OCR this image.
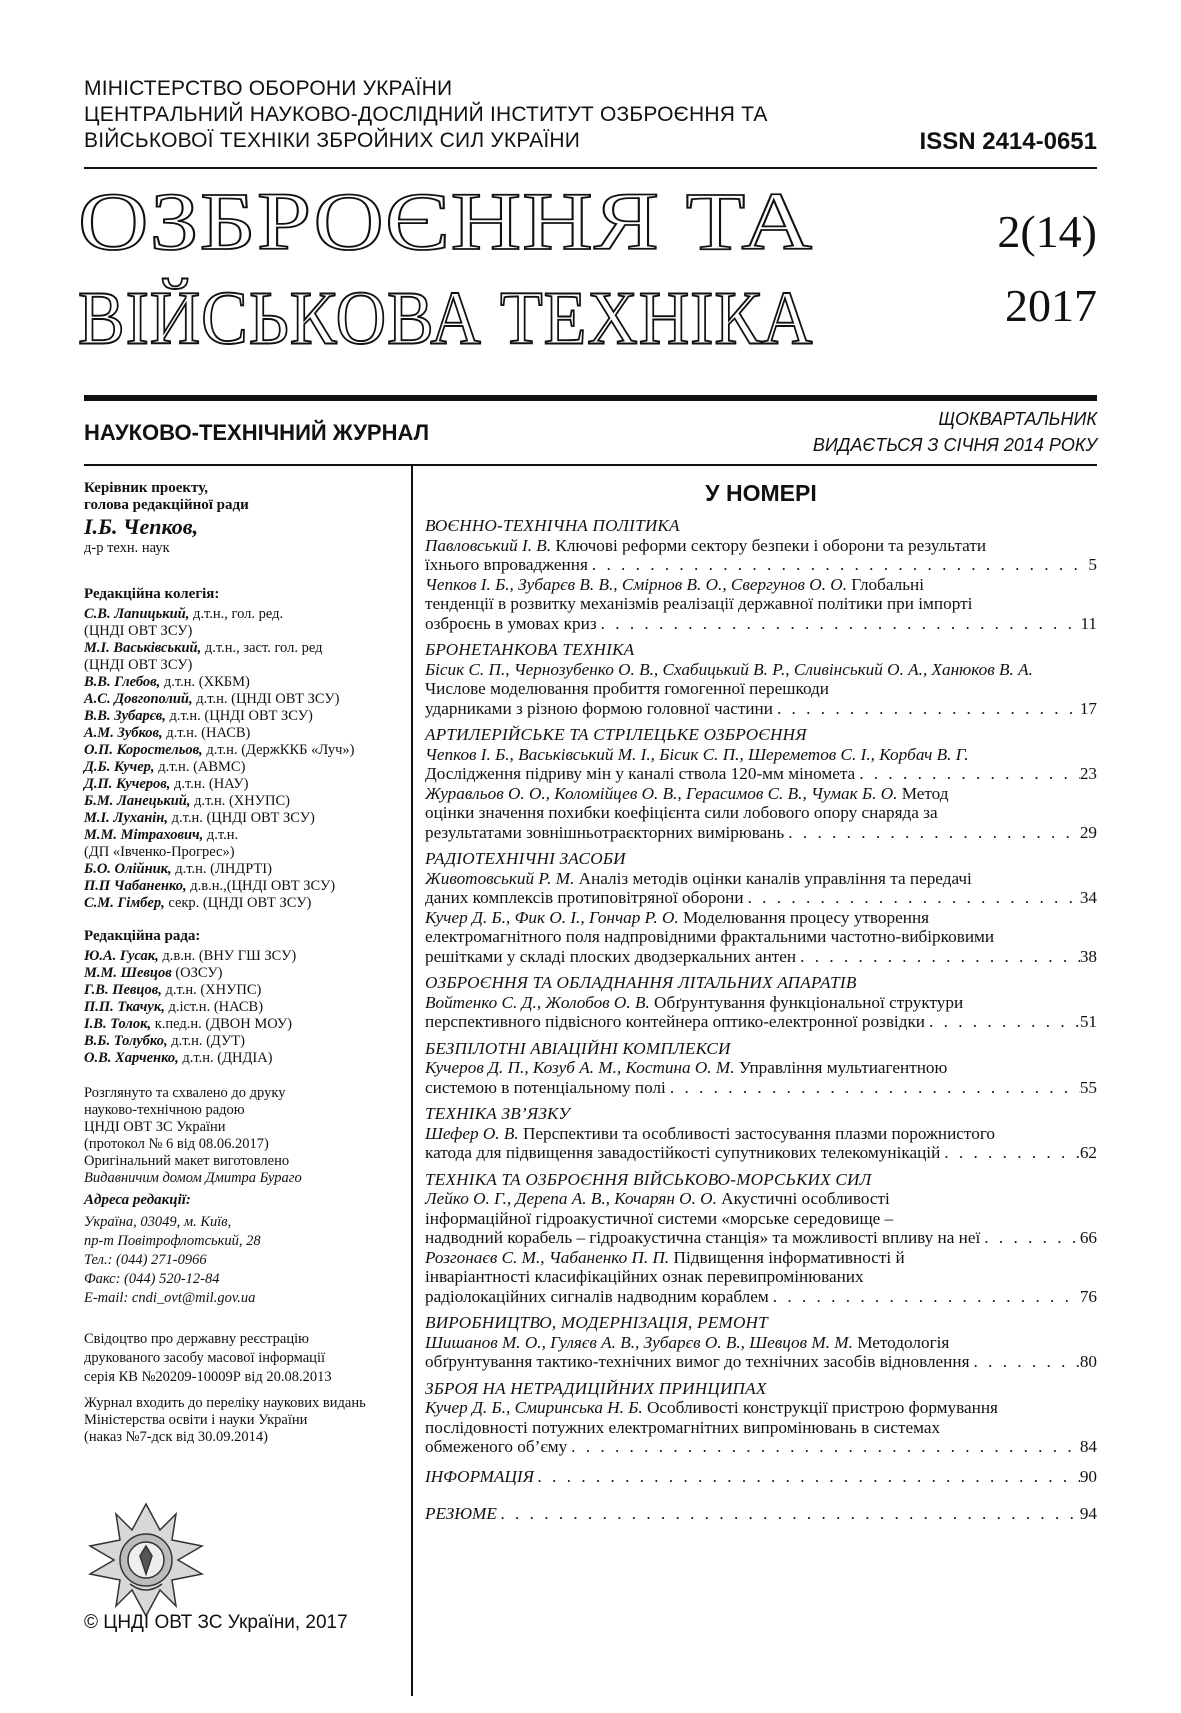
МІНІСТЕРСТВО ОБОРОНИ УКРАЇНИ
ЦЕНТРАЛЬНИЙ НАУКОВО-ДОСЛІДНИЙ ІНСТИТУТ ОЗБРОЄННЯ ТА
ВІЙСЬКОВОЇ ТЕХНІКИ ЗБРОЙНИХ СИЛ УКРАЇНИ	ISSN 2414-0651
ОЗБРОЄННЯ ТА
ВІЙСЬКОВА ТЕХНІКА
2(14)
2017
НАУКОВО-ТЕХНІЧНИЙ ЖУРНАЛ
ЩОКВАРТАЛЬНИК
ВИДАЄТЬСЯ З СІЧНЯ 2014 РОКУ
Керівник проекту,
голова редакційної ради
І.Б. Чепков,
д-р техн. наук
Редакційна колегія:
С.В. Лапицький, д.т.н., гол. ред.
(ЦНДІ ОВТ ЗСУ)
М.І. Васьківський, д.т.н., заст. гол. ред
(ЦНДІ ОВТ ЗСУ)
В.В. Глебов, д.т.н. (ХКБМ)
А.С. Довгополий, д.т.н. (ЦНДІ ОВТ ЗСУ)
В.В. Зубарєв, д.т.н. (ЦНДІ ОВТ ЗСУ)
А.М. Зубков, д.т.н. (НАСВ)
О.П. Коростельов, д.т.н. (ДержККБ «Луч»)
Д.Б. Кучер, д.т.н. (АВМС)
Д.П. Кучеров, д.т.н. (НАУ)
Б.М. Ланецький, д.т.н. (ХНУПС)
М.І. Луханін, д.т.н. (ЦНДІ ОВТ ЗСУ)
М.М. Мітрахович, д.т.н.
(ДП «Івченко-Прогрес»)
Б.О. Олійник, д.т.н. (ЛНДРТІ)
П.П Чабаненко, д.в.н.,(ЦНДІ ОВТ ЗСУ)
С.М. Гімбер, секр. (ЦНДІ ОВТ ЗСУ)
Редакційна рада:
Ю.А. Гусак, д.в.н. (ВНУ ГШ ЗСУ)
М.М. Шевцов (ОЗСУ)
Г.В. Певцов, д.т.н. (ХНУПС)
П.П. Ткачук, д.іст.н. (НАСВ)
І.В. Толок, к.пед.н. (ДВОН МОУ)
В.Б. Толубко, д.т.н. (ДУТ)
О.В. Харченко, д.т.н. (ДНДІА)
Розглянуто та схвалено до друку
науково-технічною радою
ЦНДІ ОВТ ЗС України
(протокол № 6 від 08.06.2017)
Оригінальний макет виготовлено
Видавничим домом Дмитра Бураго
Адреса редакції:
Україна, 03049, м. Київ,
пр-т Повітрофлотський, 28
Тел.: (044) 271-0966
Факс: (044) 520-12-84
E-mail: cndi_ovt@mil.gov.ua
Свідоцтво про державну реєстрацію
друкованого засобу масової інформації
серія КВ №20209-10009Р від 20.08.2013
Журнал входить до переліку наукових видань
Міністерства освіти і науки України
(наказ №7-дск від 30.09.2014)
© ЦНДІ ОВТ ЗС України, 2017
У НОМЕРІ
ВОЄННО-ТЕХНІЧНА ПОЛІТИКА
Павловський І. В. Ключові реформи сектору безпеки і оборони та результати
їхнього впровадження . . .	5
Чепков І. Б., Зубарєв В. В., Смірнов В. О., Свергунов О. О. Глобальні
тенденції в розвитку механізмів реалізації державної політики при імпорті
озброєнь в умовах криз . . .	11
БРОНЕТАНКОВА ТЕХНІКА
Бісик С. П., Чернозубенко О. В., Схабицький В. Р., Сливінський О. А., Ханюков В. А. Числове моделювання пробиття гомогенної перешкоди
ударниками з різною формою головної частини . . .	17
АРТИЛЕРІЙСЬКЕ ТА СТРІЛЕЦЬКЕ ОЗБРОЄННЯ
Чепков І. Б., Васьківський М. І., Бісик С. П., Шереметов С. І., Корбач В. Г.
Дослідження підриву мін у каналі ствола 120-мм міномета . . .	23
Журавльов О. О., Коломійцев О. В., Герасимов С. В., Чумак Б. О. Метод
оцінки значення похибки коефіцієнта сили лобового опору снаряда за
результатами зовнішньотраєкторних вимірювань . . .	29
РАДІОТЕХНІЧНІ ЗАСОБИ
Животовський Р. М. Аналіз методів оцінки каналів управління та передачі
даних комплексів протиповітряної оборони . . .	34
Кучер Д. Б., Фик О. І., Гончар Р. О. Моделювання процесу утворення
електромагнітного поля надпровідними фрактальними частотно-вибірковими
решітками у складі плоских дводзеркальних антен . . .	38
ОЗБРОЄННЯ ТА ОБЛАДНАННЯ ЛІТАЛЬНИХ АПАРАТІВ
Войтенко С. Д., Жолобов О. В. Обґрунтування функціональної структури
перспективного підвісного контейнера оптико-електронної розвідки . . .	51
БЕЗПІЛОТНІ АВІАЦІЙНІ КОМПЛЕКСИ
Кучеров Д. П., Козуб А. М., Костина О. М. Управління мультиагентною
системою в потенціальному полі . . .	55
ТЕХНІКА ЗВ’ЯЗКУ
Шефер О. В. Перспективи та особливості застосування плазми порожнистого
катода для підвищення завадостійкості супутникових телекомунікацій . . .	62
ТЕХНІКА ТА ОЗБРОЄННЯ ВІЙСЬКОВО-МОРСЬКИХ СИЛ
Лейко О. Г., Дерепа А. В., Кочарян О. О. Акустичні особливості
інформаційної гідроакустичної системи «морське середовище –
надводний корабель – гідроакустична станція» та можливості впливу на неї . . .	66
Розгонаєв С. М., Чабаненко П. П. Підвищення інформативності й
інваріантності класифікаційних ознак перевипромінюваних
радіолокаційних сигналів надводним кораблем . . .	76
ВИРОБНИЦТВО, МОДЕРНІЗАЦІЯ, РЕМОНТ
Шишанов М. О., Гуляєв А. В., Зубарєв О. В., Шевцов М. М. Методологія
обґрунтування тактико-технічних вимог до технічних засобів відновлення . . .	80
ЗБРОЯ НА НЕТРАДИЦІЙНИХ ПРИНЦИПАХ
Кучер Д. Б., Смиринська Н. Б. Особливості конструкції пристрою формування
послідовності потужних електромагнітних випромінювань в системах
обмеженого об’єму . . .	84
ІНФОРМАЦІЯ . . .	90
РЕЗЮМЕ . . .	94
